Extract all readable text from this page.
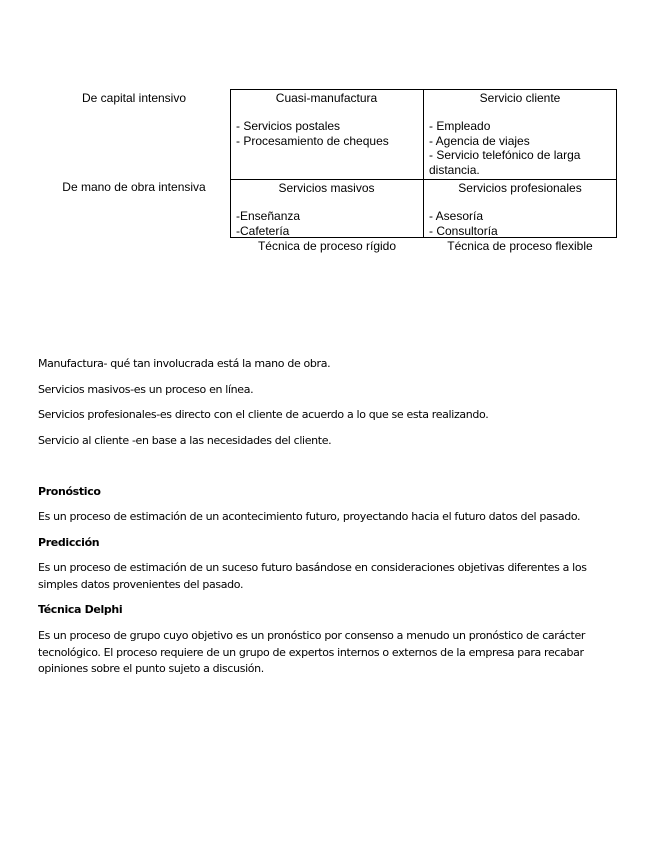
De capital intensivo
De mano de obra intensiva
Cuasi-manufactura
- Servicios postales
- Procesamiento de cheques
Servicio cliente
- Empleado
- Agencia de viajes
- Servicio telefónico de larga distancia.
Servicios masivos
-Enseñanza
-Cafetería
Servicios profesionales
- Asesoría
- Consultoría
Técnica de proceso rígido	Técnica de proceso flexible

Manufactura- qué tan involucrada está la mano de obra.

Servicios masivos-es un proceso en línea.

Servicios profesionales-es directo con el cliente de acuerdo a lo que se esta realizando.

Servicio al cliente -en base a las necesidades del cliente.

Pronóstico

Es un proceso de estimación de un acontecimiento futuro, proyectando hacia el futuro datos del pasado.

Predicción

Es un proceso de estimación de un suceso futuro basándose en consideraciones objetivas diferentes a los simples datos provenientes del pasado.

Técnica Delphi

Es un proceso de grupo cuyo objetivo es un pronóstico por consenso a menudo un pronóstico de carácter tecnológico. El proceso requiere de un grupo de expertos internos o externos de la empresa para recabar opiniones sobre el punto sujeto a discusión.
